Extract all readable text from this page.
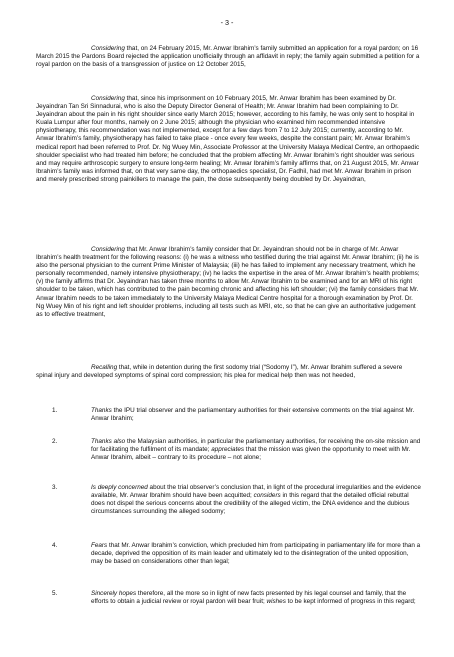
- 3 -

Considering that, on 24 February 2015, Mr. Anwar Ibrahim’s family submitted an application for a royal pardon; on 16 March 2015 the Pardons Board rejected the application unofficially through an affidavit in reply; the family again submitted a petition for a royal pardon on the basis of a transgression of justice on 12 October 2015,

Considering that, since his imprisonment on 10 February 2015, Mr. Anwar Ibrahim has been examined by Dr. Jeyaindran Tan Sri Sinnadurai, who is also the Deputy Director General of Health; Mr. Anwar Ibrahim had been complaining to Dr. Jeyaindran about the pain in his right shoulder since early March 2015; however, according to his family, he was only sent to hospital in Kuala Lumpur after four months, namely on 2 June 2015; although the physician who examined him recommended intensive physiotherapy, this recommendation was not implemented, except for a few days from 7 to 12 July 2015; currently, according to Mr. Anwar Ibrahim’s family, physiotherapy has failed to take place - once every few weeks, despite the constant pain; Mr. Anwar Ibrahim’s medical report had been referred to Prof. Dr. Ng Wuey Min, Associate Professor at the University Malaya Medical Centre, an orthopaedic shoulder specialist who had treated him before; he concluded that the problem affecting Mr. Anwar Ibrahim’s right shoulder was serious and may require arthroscopic surgery to ensure long-term healing; Mr. Anwar Ibrahim’s family affirms that, on 21 August 2015, Mr. Anwar Ibrahim’s family was informed that, on that very same day, the orthopaedics specialist, Dr. Fadhil, had met Mr. Anwar Ibrahim in prison and merely prescribed strong painkillers to manage the pain, the dose subsequently being doubled by Dr. Jeyaindran,

Considering that Mr. Anwar Ibrahim’s family consider that Dr. Jeyaindran should not be in charge of Mr. Anwar Ibrahim’s health treatment for the following reasons: (i) he was a witness who testified during the trial against Mr. Anwar Ibrahim; (ii) he is also the personal physician to the current Prime Minister of Malaysia; (iii) he has failed to implement any necessary treatment, which he personally recommended, namely intensive physiotherapy; (iv) he lacks the expertise in the area of Mr. Anwar Ibrahim’s health problems; (v) the family affirms that Dr. Jeyaindran has taken three months to allow Mr. Anwar Ibrahim to be examined and for an MRI of his right shoulder to be taken, which has contributed to the pain becoming chronic and affecting his left shoulder; (vi) the family considers that Mr. Anwar Ibrahim needs to be taken immediately to the University Malaya Medical Centre hospital for a thorough examination by Prof. Dr. Ng Wuey Min of his right and left shoulder problems, including all tests such as MRI, etc, so that he can give an authoritative judgement as to effective treatment,

Recalling that, while in detention during the first sodomy trial (“Sodomy I”), Mr. Anwar Ibrahim suffered a severe spinal injury and developed symptoms of spinal cord compression; his plea for medical help then was not heeded,

1.	Thanks the IPU trial observer and the parliamentary authorities for their extensive comments on the trial against Mr. Anwar Ibrahim;

2.	Thanks also the Malaysian authorities, in particular the parliamentary authorities, for receiving the on-site mission and for facilitating the fulfilment of its mandate; appreciates that the mission was given the opportunity to meet with Mr. Anwar Ibrahim, albeit – contrary to its procedure – not alone;

3.	Is deeply concerned about the trial observer’s conclusion that, in light of the procedural irregularities and the evidence available, Mr. Anwar Ibrahim should have been acquitted; considers in this regard that the detailed official rebuttal does not dispel the serious concerns about the credibility of the alleged victim, the DNA evidence and the dubious circumstances surrounding the alleged sodomy;

4.	Fears that Mr. Anwar Ibrahim’s conviction, which precluded him from participating in parliamentary life for more than a decade, deprived the opposition of its main leader and ultimately led to the disintegration of the united opposition, may be based on considerations other than legal;

5.	Sincerely hopes therefore, all the more so in light of new facts presented by his legal counsel and family, that the efforts to obtain a judicial review or royal pardon will bear fruit; wishes to be kept informed of progress in this regard;
